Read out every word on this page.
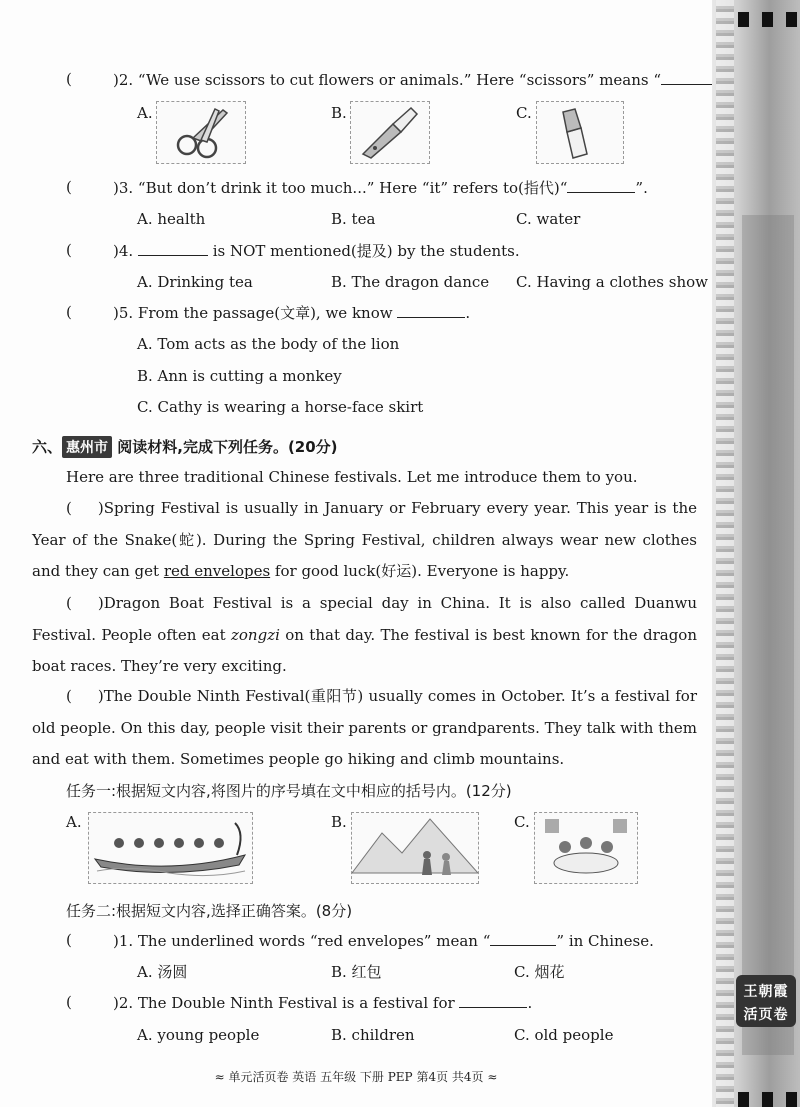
(	)2. “We use scissors to cut flowers or animals.” Here “scissors” means “
A.	B.	C.
(	)3. “But don’t drink it too much...” Here “it” refers to(指代)“	”.
A. health	B. tea	C. water
(	)4.	is NOT mentioned(提及) by the students.
A. Drinking tea	B. The dragon dance C. Having a clothes show
(	)5. From the passage(文章), we know	.
A. Tom acts as the body of the lion
B. Ann is cutting a monkey
C. Cathy is wearing a horse-face skirt
六、 惠州市 阅读材料,完成下列任务。(20分)
Here are three traditional Chinese festivals. Let me introduce them to you.
( )Spring Festival is usually in January or February every year. This year is the Year of the Snake(蛇). During the Spring Festival, children always wear new clothes and they can get red envelopes for good luck(好运). Everyone is happy.
( )Dragon Boat Festival is a special day in China. It is also called Duanwu Festival. People often eat zongzi on that day. The festival is best known for the dragon boat races. They’re very exciting.
( )The Double Ninth Festival(重阳节) usually comes in October. It’s a festival for old people. On this day, people visit their parents or grandparents. They talk with them and eat with them. Sometimes people go hiking and climb mountains.
任务一:根据短文内容,将图片的序号填在文中相应的括号内。(12分)
A.	B.	C.
任务二:根据短文内容,选择正确答案。(8分)
(	)1. The underlined words “red envelopes” mean “	” in Chinese.
A. 汤圆	B. 红包	C. 烟花
(	)2. The Double Ninth Festival is a festival for	.
A. young people	B. children	C. old people
≈ 单元活页卷 英语 五年级 下册 PEP 第4页 共4页 ≈
王朝霞
活页卷
